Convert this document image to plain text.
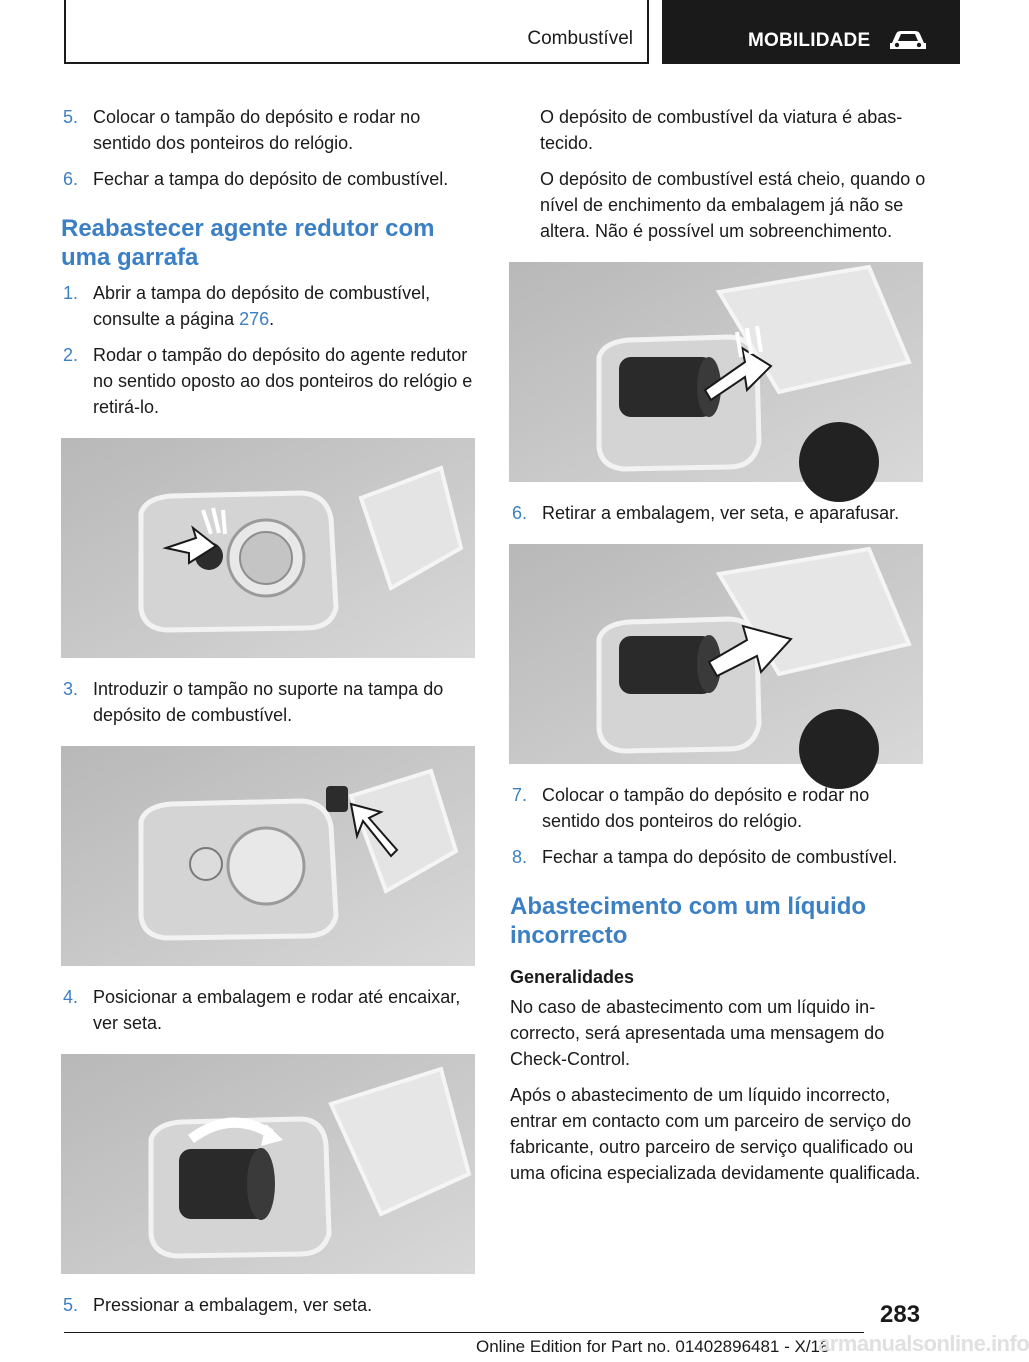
Combustível	MOBILIDADE
5. Colocar o tampão do depósito e rodar no sentido dos ponteiros do relógio.
6. Fechar a tampa do depósito de combustível.
Reabastecer agente redutor com uma garrafa
1. Abrir a tampa do depósito de combustível, consulte a página 276.
2. Rodar o tampão do depósito do agente redutor no sentido oposto ao dos ponteiros do relógio e retirá-lo.
3. Introduzir o tampão no suporte na tampa do depósito de combustível.
4. Posicionar a embalagem e rodar até encaixar, ver seta.
5. Pressionar a embalagem, ver seta.
O depósito de combustível da viatura é abastecido.
O depósito de combustível está cheio, quando o nível de enchimento da embalagem já não se altera. Não é possível um sobreenchimento.
6. Retirar a embalagem, ver seta, e aparafusar.
7. Colocar o tampão do depósito e rodar no sentido dos ponteiros do relógio.
8. Fechar a tampa do depósito de combustível.
Abastecimento com um líquido incorrecto
Generalidades
No caso de abastecimento com um líquido incorrecto, será apresentada uma mensagem do Check-Control.
Após o abastecimento de um líquido incorrecto, entrar em contacto com um parceiro de serviço do fabricante, outro parceiro de serviço qualificado ou uma oficina especializada devidamente qualificada.
283
Online Edition for Part no. 01402896481 - X/18
armanualsonline.info
